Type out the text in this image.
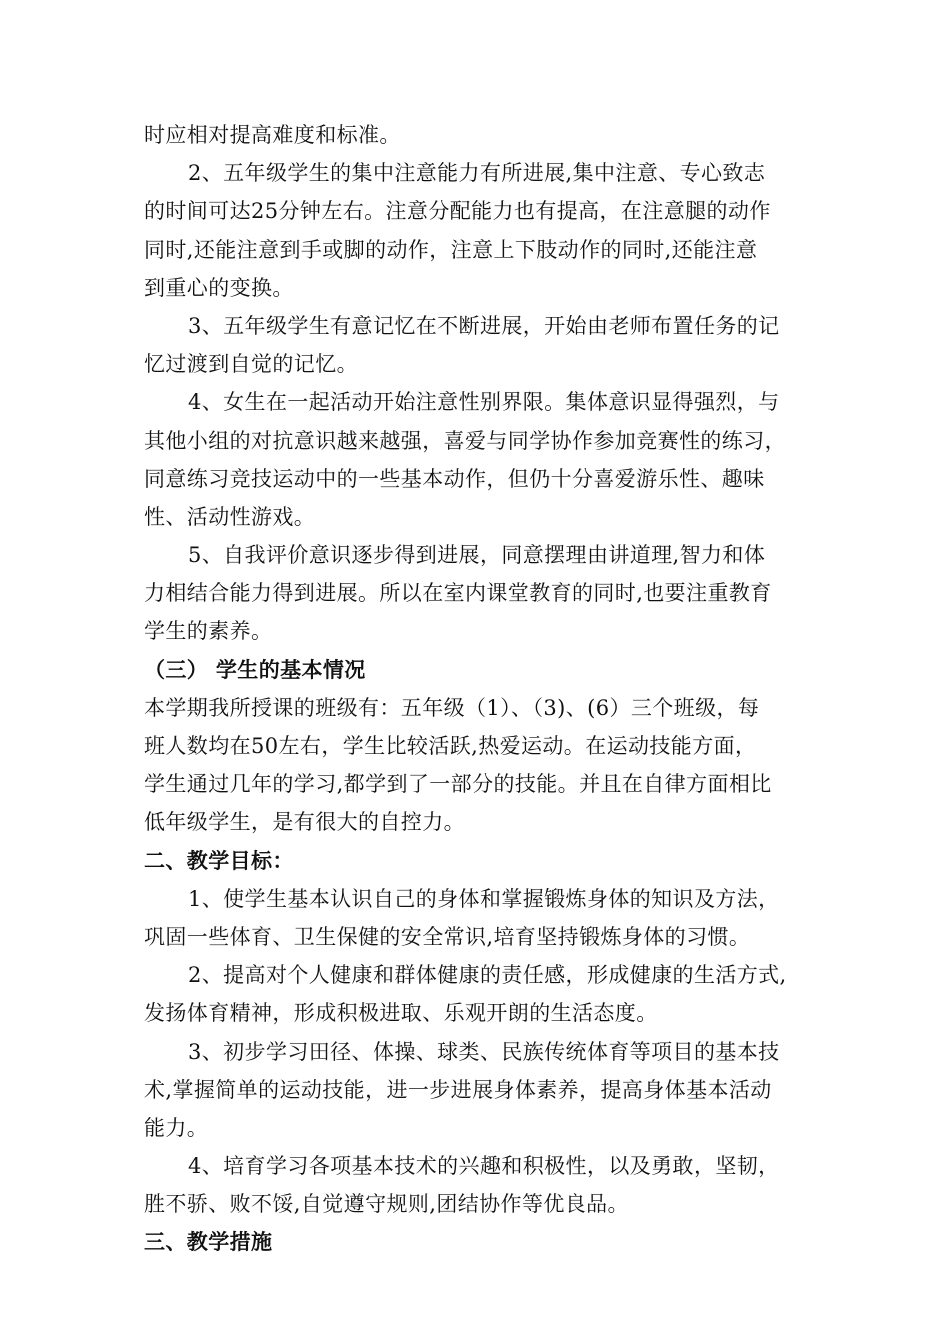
时应相对提高难度和标准。
2、五年级学生的集中注意能力有所进展,集中注意、专心致志
的时间可达25分钟左右。注意分配能力也有提高，在注意腿的动作
同时,还能注意到手或脚的动作，注意上下肢动作的同时,还能注意
到重心的变换。
3、五年级学生有意记忆在不断进展，开始由老师布置任务的记
忆过渡到自觉的记忆。
4、女生在一起活动开始注意性别界限。集体意识显得强烈，与
其他小组的对抗意识越来越强，喜爱与同学协作参加竞赛性的练习，
同意练习竞技运动中的一些基本动作，但仍十分喜爱游乐性、趣味
性、活动性游戏。
5、自我评价意识逐步得到进展，同意摆理由讲道理,智力和体
力相结合能力得到进展。所以在室内课堂教育的同时,也要注重教育
学生的素养。
（三） 学生的基本情况
本学期我所授课的班级有：五年级（1）、（3)、(6）三个班级，每
班人数均在50左右，学生比较活跃,热爱运动。在运动技能方面，
学生通过几年的学习,都学到了一部分的技能。并且在自律方面相比
低年级学生，是有很大的自控力。
二、教学目标：
1、使学生基本认识自己的身体和掌握锻炼身体的知识及方法，
巩固一些体育、卫生保健的安全常识,培育坚持锻炼身体的习惯。
2、提高对个人健康和群体健康的责任感，形成健康的生活方式,
发扬体育精神，形成积极进取、乐观开朗的生活态度。
3、初步学习田径、体操、球类、民族传统体育等项目的基本技
术,掌握简单的运动技能，进一步进展身体素养，提高身体基本活动
能力。
4、培育学习各项基本技术的兴趣和积极性，以及勇敢，坚韧，
胜不骄、败不馁,自觉遵守规则,团结协作等优良品。
三、教学措施
